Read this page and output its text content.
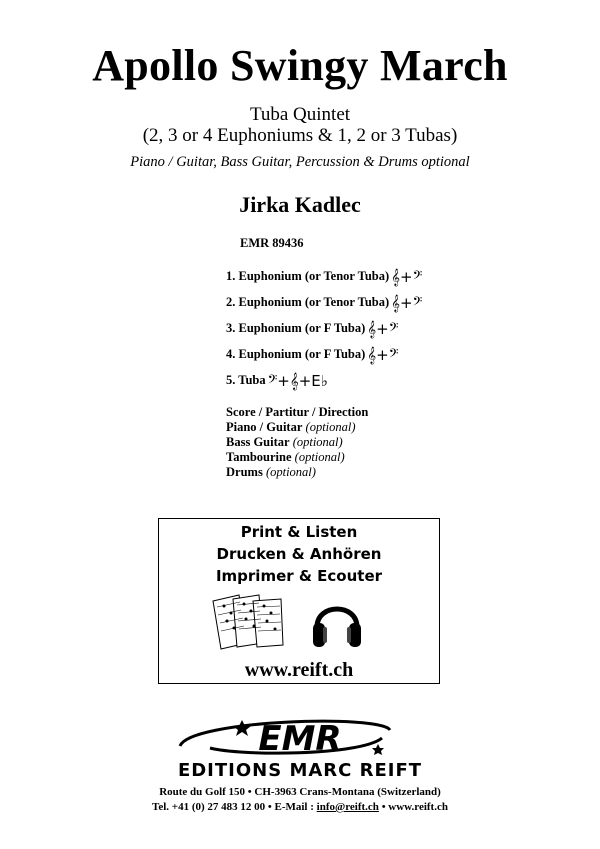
Apollo Swingy March
Tuba Quintet
(2, 3 or 4 Euphoniums & 1, 2 or 3 Tubas)
Piano / Guitar, Bass Guitar, Percussion & Drums optional
Jirka Kadlec
EMR 89436
1. Euphonium (or Tenor Tuba) 𝄞+𝄢
2. Euphonium (or Tenor Tuba) 𝄞+𝄢
3. Euphonium (or F Tuba) 𝄞+𝄢
4. Euphonium (or F Tuba) 𝄞+𝄢
5. Tuba 𝄢+𝄞+E♭
Score / Partitur / Direction
Piano / Guitar (optional)
Bass Guitar (optional)
Tambourine (optional)
Drums (optional)
Print & Listen
Drucken & Anhören
Imprimer & Ecouter
www.reift.ch
EMR
EDITIONS MARC REIFT
Route du Golf 150 • CH-3963 Crans-Montana (Switzerland)
Tel. +41 (0) 27 483 12 00 • E-Mail : info@reift.ch • www.reift.ch
